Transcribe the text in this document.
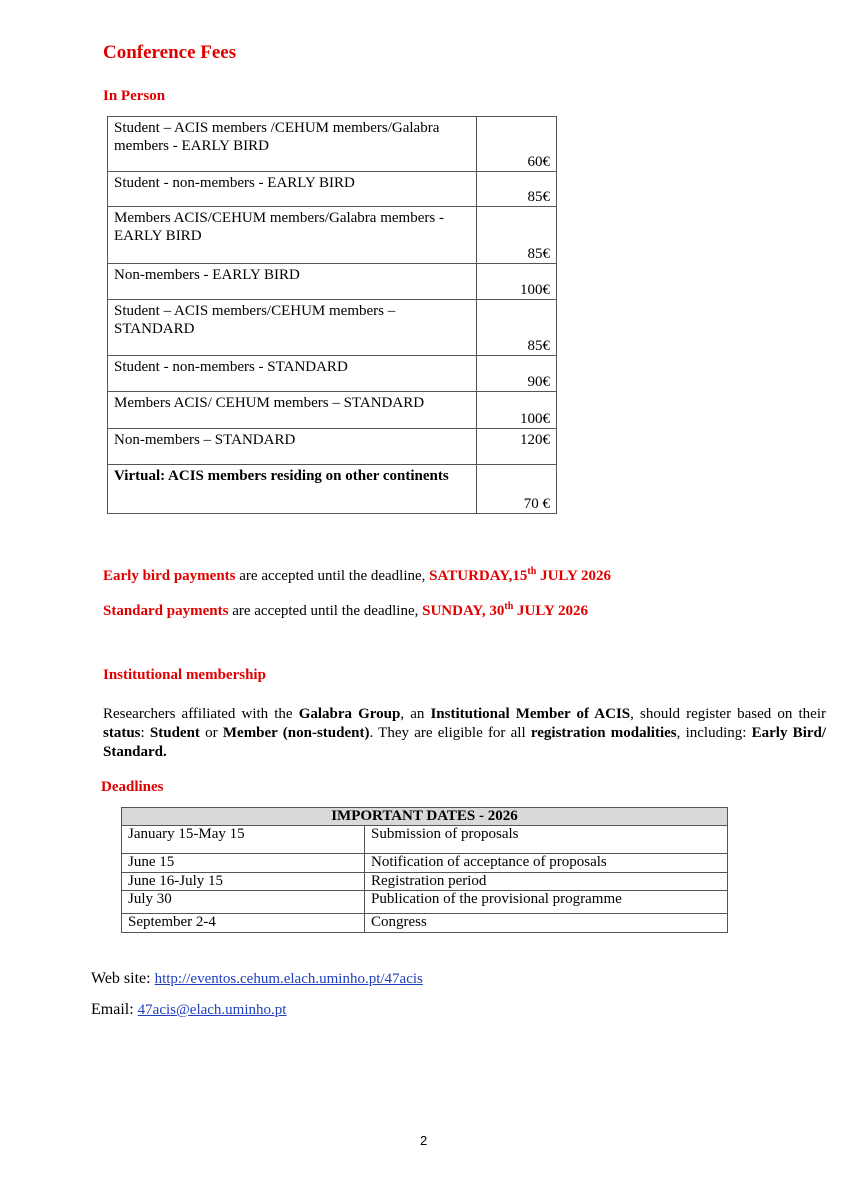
Conference Fees
In Person
Student – ACIS members /CEHUM members/Galabra members - EARLY BIRD	60€
Student - non-members - EARLY BIRD	85€
Members ACIS/CEHUM members/Galabra members - EARLY BIRD	85€
Non-members - EARLY BIRD	100€
Student – ACIS members/CEHUM members – STANDARD	85€
Student - non-members - STANDARD	90€
Members ACIS/ CEHUM members – STANDARD	100€
Non-members – STANDARD	120€
Virtual: ACIS members residing on other continents	70 €
Early bird payments are accepted until the deadline, SATURDAY,15th JULY 2026
Standard payments are accepted until the deadline, SUNDAY, 30th JULY 2026
Institutional membership
Researchers affiliated with the Galabra Group, an Institutional Member of ACIS, should register based on their status: Student or Member (non-student). They are eligible for all registration modalities, including: Early Bird/ Standard.
Deadlines
IMPORTANT DATES - 2026	
January 15-May 15	Submission of proposals
June 15	Notification of acceptance of proposals
June 16-July 15	Registration period
July 30	Publication of the provisional programme
September 2-4	Congress
Web site: http://eventos.cehum.elach.uminho.pt/47acis
Email: 47acis@elach.uminho.pt
2
